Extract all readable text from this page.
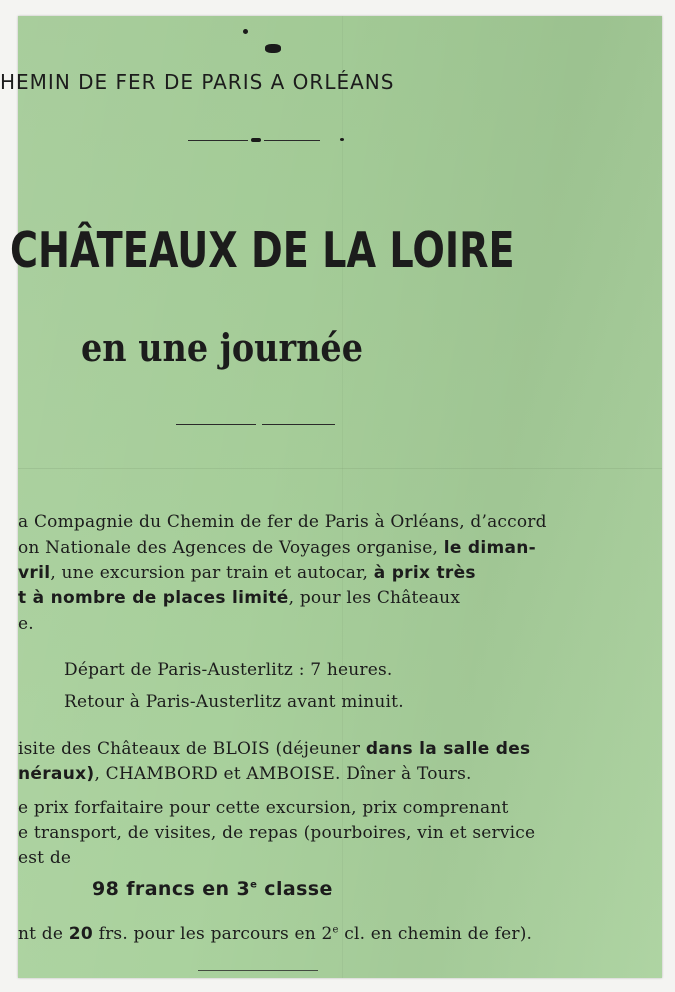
HEMIN DE FER DE PARIS A ORLÉANS

CHÂTEAUX DE LA LOIRE
en une journée

a Compagnie du Chemin de fer de Paris à Orléans, d’accord

on Nationale des Agences de Voyages organise, le diman-

vril, une excursion par train et autocar, à prix très

t à nombre de places limité, pour les Châteaux

e.

Départ de Paris-Austerlitz : 7 heures.

Retour à Paris-Austerlitz avant minuit.

isite des Châteaux de BLOIS (déjeuner dans la salle des

néraux), CHAMBORD et AMBOISE. Dîner à Tours.

e prix forfaitaire pour cette excursion, prix comprenant

e transport, de visites, de repas (pourboires, vin et service

est de

98 francs en 3e classe

nt de 20 frs. pour les parcours en 2e cl. en chemin de fer).
